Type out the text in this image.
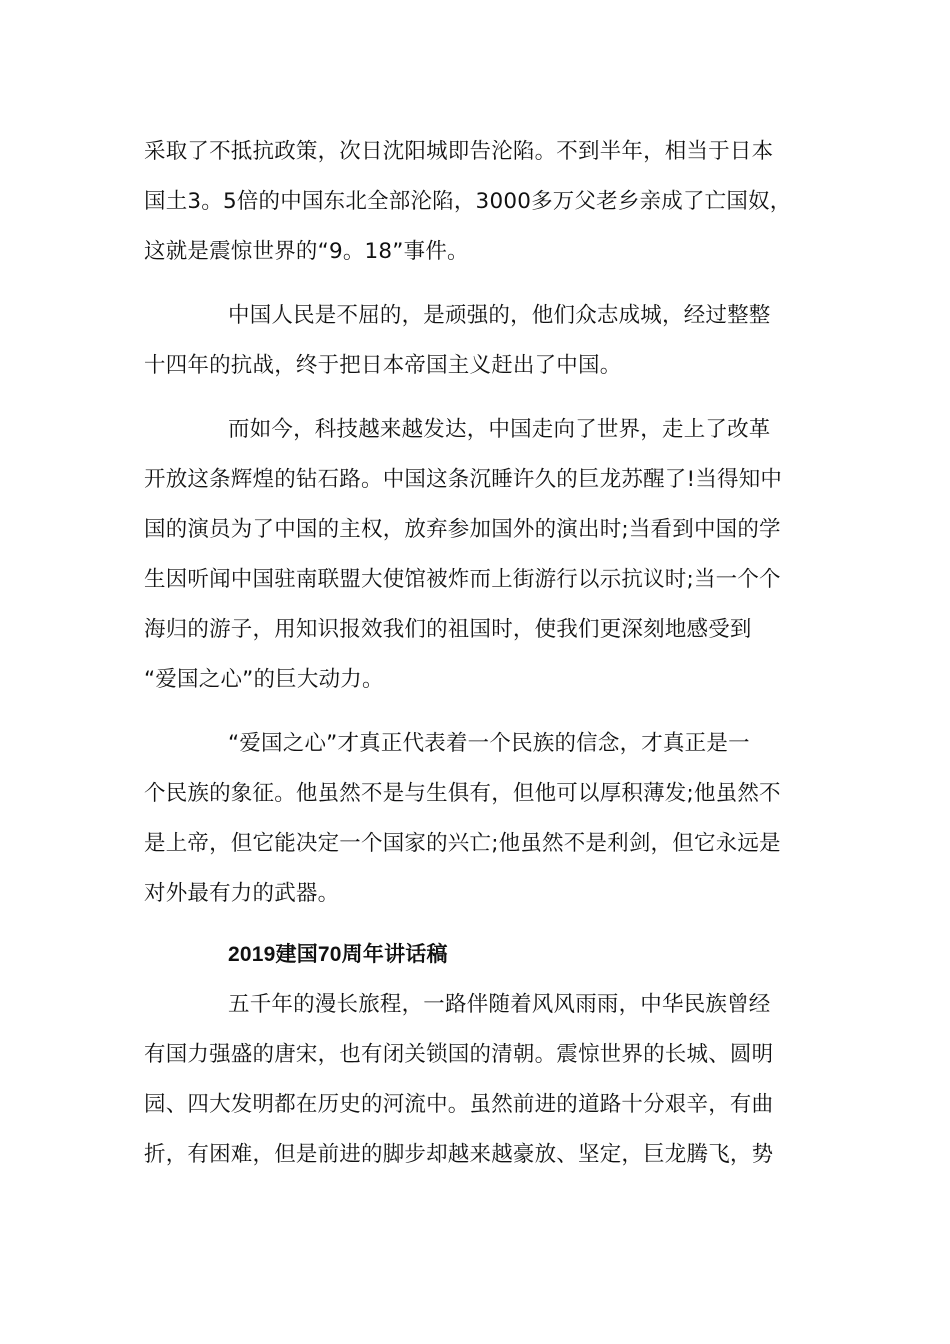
采取了不抵抗政策，次日沈阳城即告沦陷。不到半年，相当于日本
国土3。5倍的中国东北全部沦陷，3000多万父老乡亲成了亡国奴，
这就是震惊世界的“9。18”事件。
中国人民是不屈的，是顽强的，他们众志成城，经过整整
十四年的抗战，终于把日本帝国主义赶出了中国。
而如今，科技越来越发达，中国走向了世界，走上了改革
开放这条辉煌的钻石路。中国这条沉睡许久的巨龙苏醒了!当得知中
国的演员为了中国的主权，放弃参加国外的演出时;当看到中国的学
生因听闻中国驻南联盟大使馆被炸而上街游行以示抗议时;当一个个
海归的游子，用知识报效我们的祖国时，使我们更深刻地感受到
“爱国之心”的巨大动力。
“爱国之心”才真正代表着一个民族的信念，才真正是一
个民族的象征。他虽然不是与生俱有，但他可以厚积薄发;他虽然不
是上帝，但它能决定一个国家的兴亡;他虽然不是利剑，但它永远是
对外最有力的武器。
2019建国70周年讲话稿
五千年的漫长旅程，一路伴随着风风雨雨，中华民族曾经
有国力强盛的唐宋，也有闭关锁国的清朝。震惊世界的长城、圆明
园、四大发明都在历史的河流中。虽然前进的道路十分艰辛，有曲
折，有困难，但是前进的脚步却越来越豪放、坚定，巨龙腾飞，势
